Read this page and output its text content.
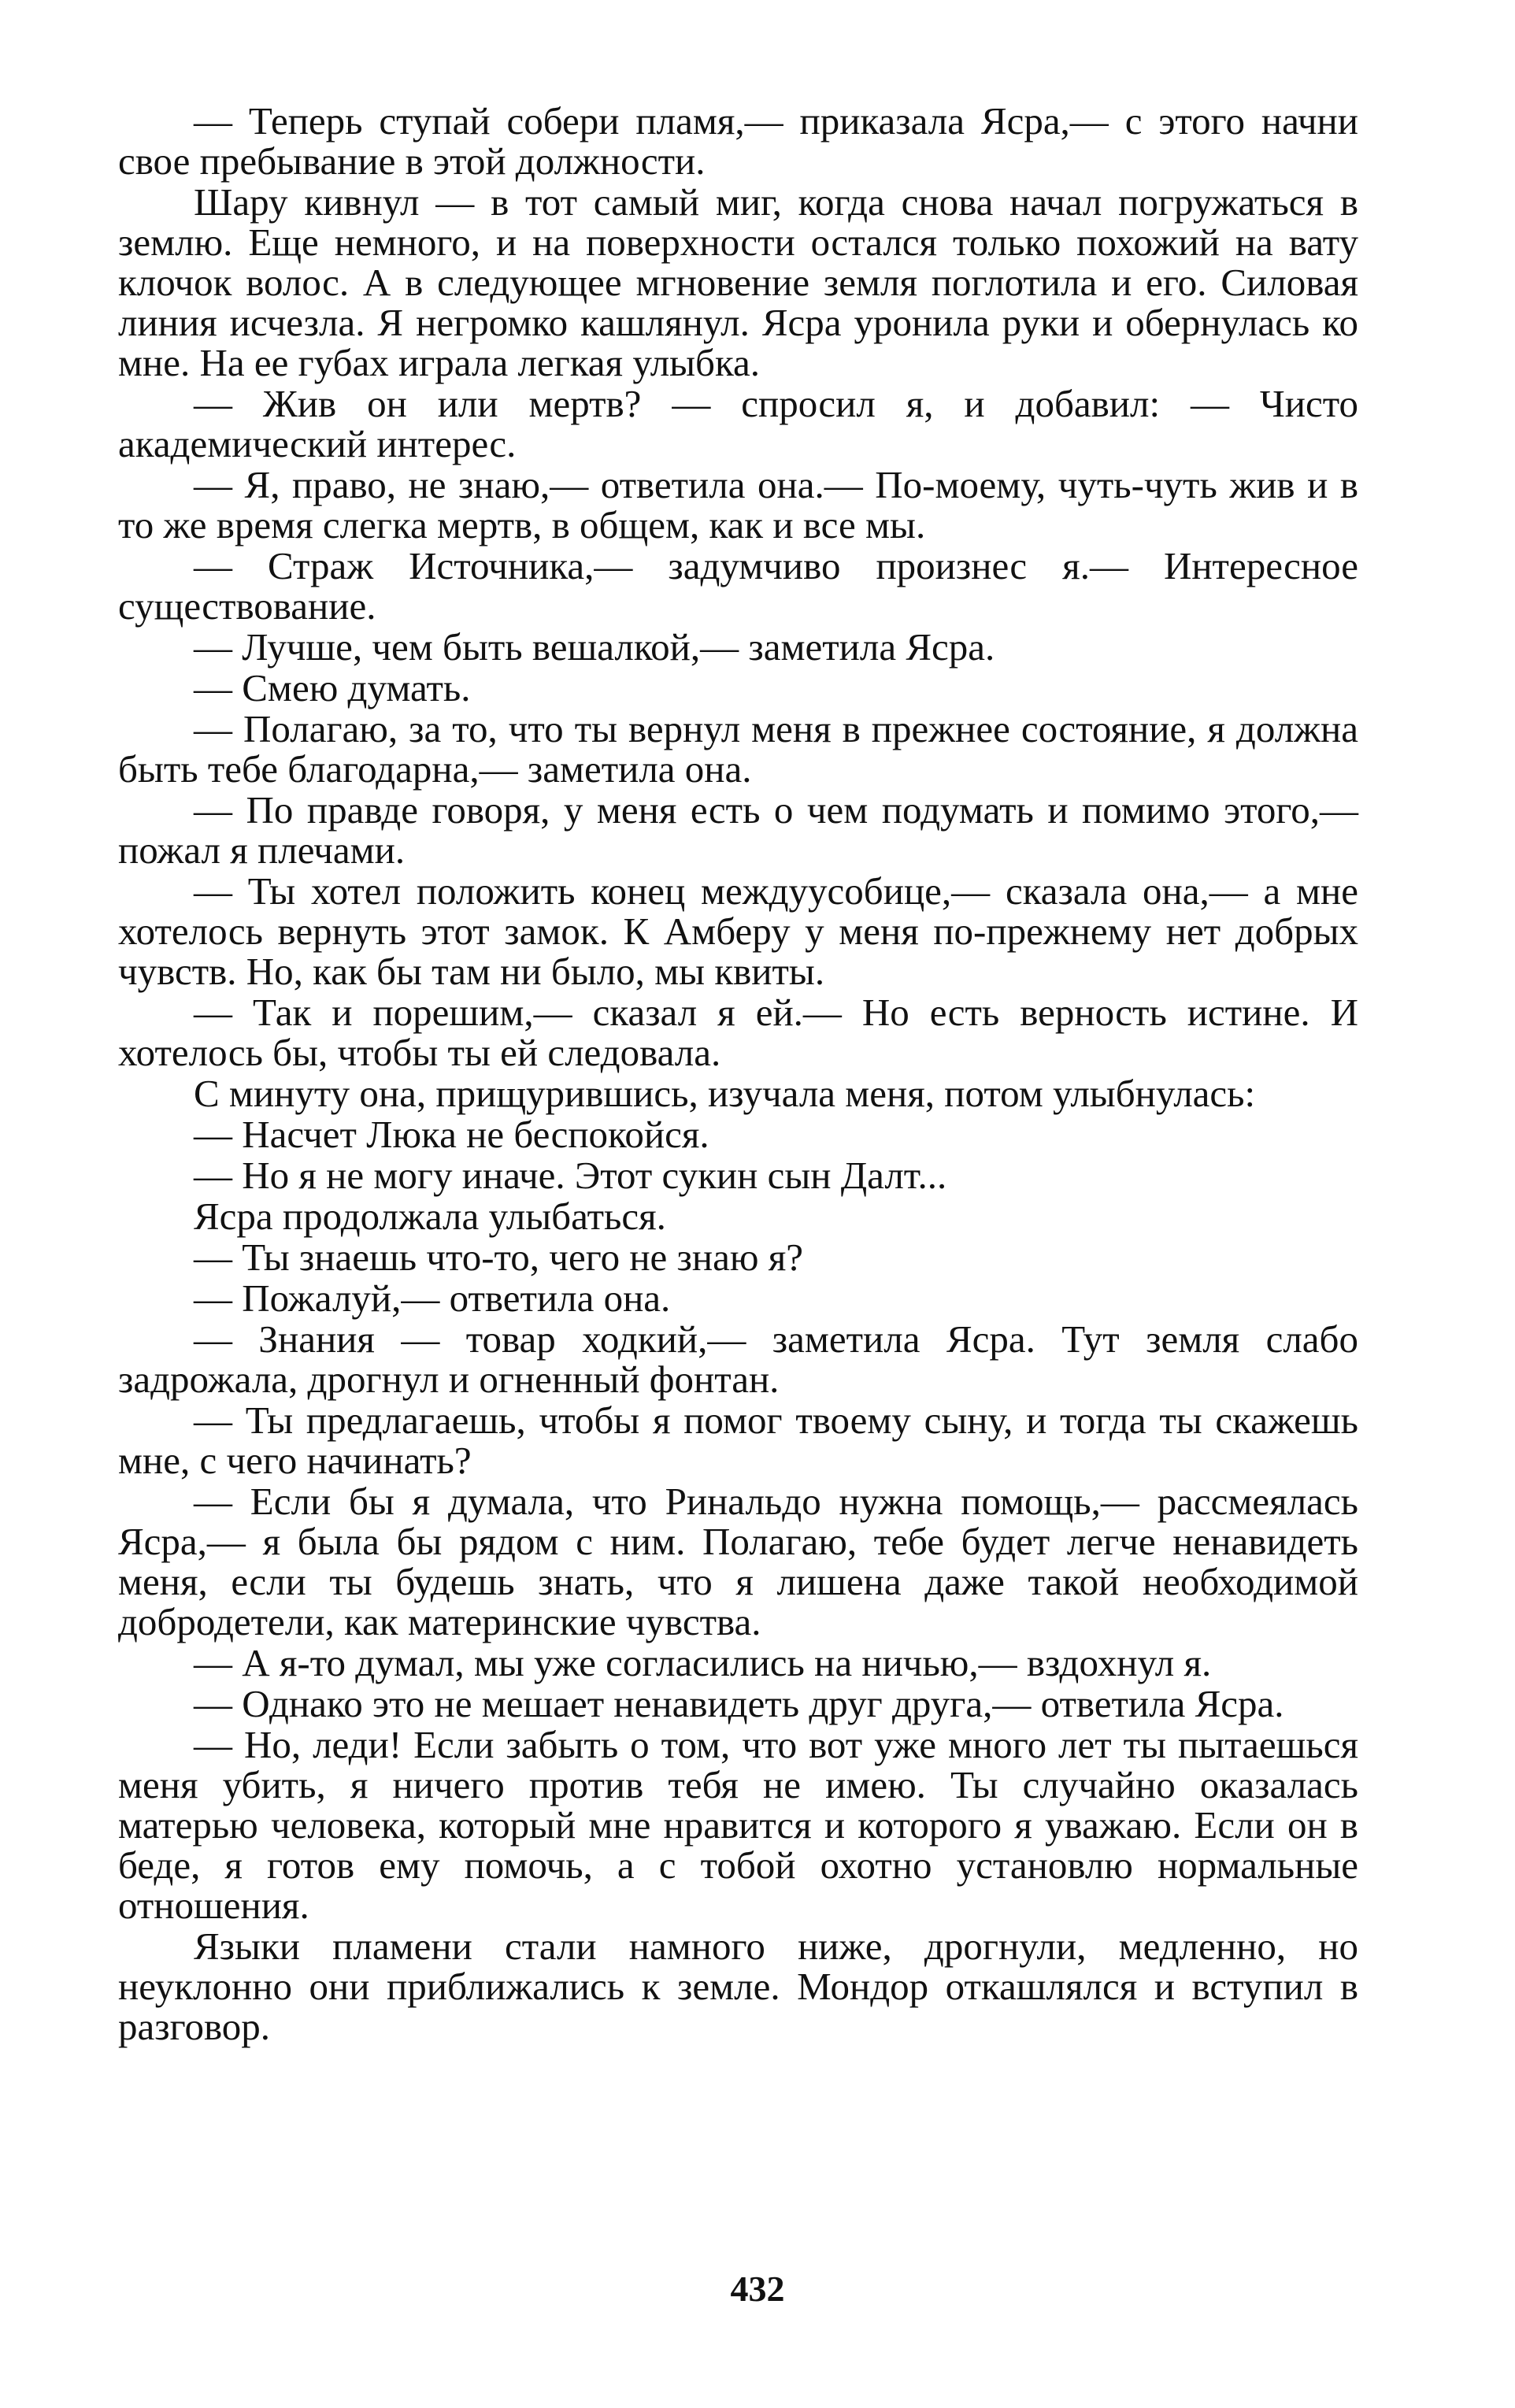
— Теперь ступай собери пламя,— приказала Ясра,— с этого начни свое пребывание в этой должности.

Шару кивнул — в тот самый миг, когда снова начал погружаться в землю. Еще немного, и на поверхности остался только похожий на вату клочок волос. А в следующее мгновение земля поглотила и его. Силовая линия исчезла. Я негромко кашлянул. Ясра уронила руки и обернулась ко мне. На ее губах играла легкая улыбка.

— Жив он или мертв? — спросил я, и добавил: — Чисто академический интерес.

— Я, право, не знаю,— ответила она.— По-моему, чуть-чуть жив и в то же время слегка мертв, в общем, как и все мы.

— Страж Источника,— задумчиво произнес я.— Интересное существование.

— Лучше, чем быть вешалкой,— заметила Ясра.

— Смею думать.

— Полагаю, за то, что ты вернул меня в прежнее состояние, я должна быть тебе благодарна,— заметила она.

— По правде говоря, у меня есть о чем подумать и помимо этого,— пожал я плечами.

— Ты хотел положить конец междуусобице,— сказала она,— а мне хотелось вернуть этот замок. К Амберу у меня по-прежнему нет добрых чувств. Но, как бы там ни было, мы квиты.

— Так и порешим,— сказал я ей.— Но есть верность истине. И хотелось бы, чтобы ты ей следовала.

С минуту она, прищурившись, изучала меня, потом улыбнулась:

— Насчет Люка не беспокойся.

— Но я не могу иначе. Этот сукин сын Далт...

Ясра продолжала улыбаться.

— Ты знаешь что-то, чего не знаю я?

— Пожалуй,— ответила она.

— Знания — товар ходкий,— заметила Ясра. Тут земля слабо задрожала, дрогнул и огненный фонтан.

— Ты предлагаешь, чтобы я помог твоему сыну, и тогда ты скажешь мне, с чего начинать?

— Если бы я думала, что Ринальдо нужна помощь,— рассмеялась Ясра,— я была бы рядом с ним. Полагаю, тебе будет легче ненавидеть меня, если ты будешь знать, что я лишена даже такой необходимой добродетели, как материнские чувства.

— А я-то думал, мы уже согласились на ничью,— вздохнул я.

— Однако это не мешает ненавидеть друг друга,— ответила Ясра.

— Но, леди! Если забыть о том, что вот уже много лет ты пытаешься меня убить, я ничего против тебя не имею. Ты случайно оказалась матерью человека, который мне нравится и которого я уважаю. Если он в беде, я готов ему помочь, а с тобой охотно установлю нормальные отношения.

Языки пламени стали намного ниже, дрогнули, медленно, но неуклонно они приближались к земле. Мондор откашлялся и вступил в разговор.

432
